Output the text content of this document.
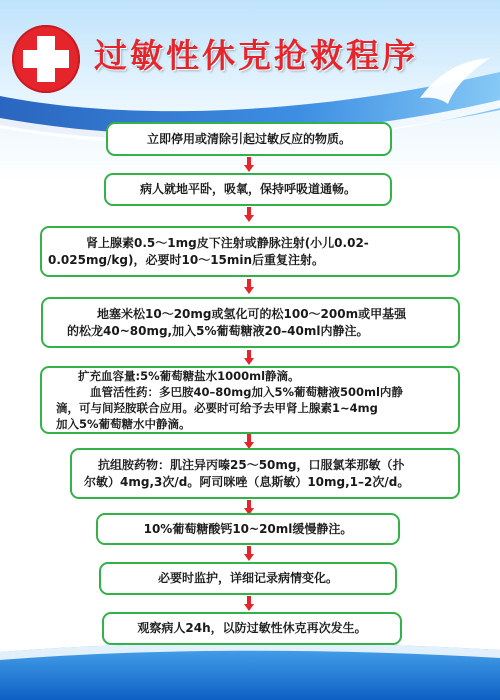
过敏性休克抢救程序
立即停用或清除引起过敏反应的物质。
病人就地平卧，吸氧，保持呼吸道通畅。
肾上腺素0.5～1mg皮下注射或静脉注射(小儿0.02-
0.025mg/kg)，必要时10～15min后重复注射。
地塞米松10～20mg或氢化可的松100～200m或甲基强
的松龙40~80mg,加入5%葡萄糖液20–40ml内静注。
扩充血容量:5%葡萄糖盐水1000ml静滴。
血管活性药：多巴胺40–80mg加入5%葡萄糖液500ml内静
滴，可与间羟胺联合应用。必要时可给予去甲肾上腺素1~4mg
加入5%葡萄糖水中静滴。
抗组胺药物：肌注异丙嗪25～50mg，口服氯苯那敏（扑
尔敏）4mg,3次/d。阿司咪唑（息斯敏）10mg,1–2次/d。
10%葡萄糖酸钙10~20ml缓慢静注。
必要时监护，详细记录病情变化。
观察病人24h，以防过敏性休克再次发生。
